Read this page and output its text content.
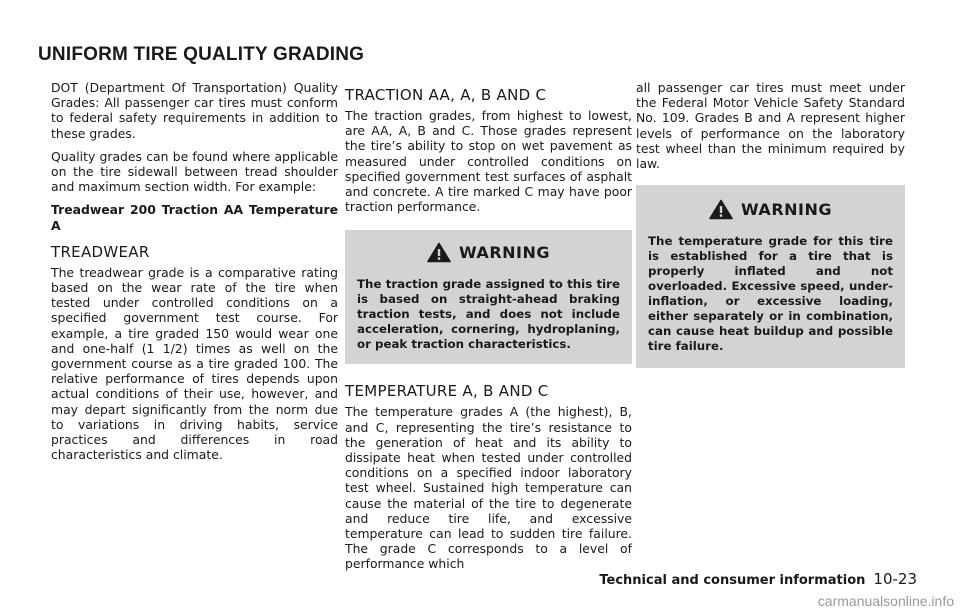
UNIFORM TIRE QUALITY GRADING

DOT (Department Of Transportation) Quality Grades: All passenger car tires must conform to federal safety requirements in addition to these grades.

Quality grades can be found where applicable on the tire sidewall between tread shoulder and maximum section width. For example:

Treadwear 200 Traction AA Temperature A

TREADWEAR

The treadwear grade is a comparative rating based on the wear rate of the tire when tested under controlled conditions on a specified government test course. For example, a tire graded 150 would wear one and one-half (1 1/2) times as well on the government course as a tire graded 100. The relative performance of tires depends upon actual conditions of their use, however, and may depart significantly from the norm due to variations in driving habits, service practices and differences in road characteristics and climate.

TRACTION AA, A, B AND C

The traction grades, from highest to lowest, are AA, A, B and C. Those grades represent the tire’s ability to stop on wet pavement as measured under controlled conditions on specified government test surfaces of asphalt and concrete. A tire marked C may have poor traction performance.

WARNING

The traction grade assigned to this tire is based on straight-ahead braking traction tests, and does not include acceleration, cornering, hydroplaning, or peak traction characteristics.

TEMPERATURE A, B AND C

The temperature grades A (the highest), B, and C, representing the tire’s resistance to the generation of heat and its ability to dissipate heat when tested under controlled conditions on a specified indoor laboratory test wheel. Sustained high temperature can cause the material of the tire to degenerate and reduce tire life, and excessive temperature can lead to sudden tire failure. The grade C corresponds to a level of performance which

all passenger car tires must meet under the Federal Motor Vehicle Safety Standard No. 109. Grades B and A represent higher levels of performance on the laboratory test wheel than the minimum required by law.

WARNING

The temperature grade for this tire is established for a tire that is properly inflated and not overloaded. Excessive speed, under-inflation, or excessive loading, either separately or in combination, can cause heat buildup and possible tire failure.

Technical and consumer information 10-23
carmanualsonline.info
